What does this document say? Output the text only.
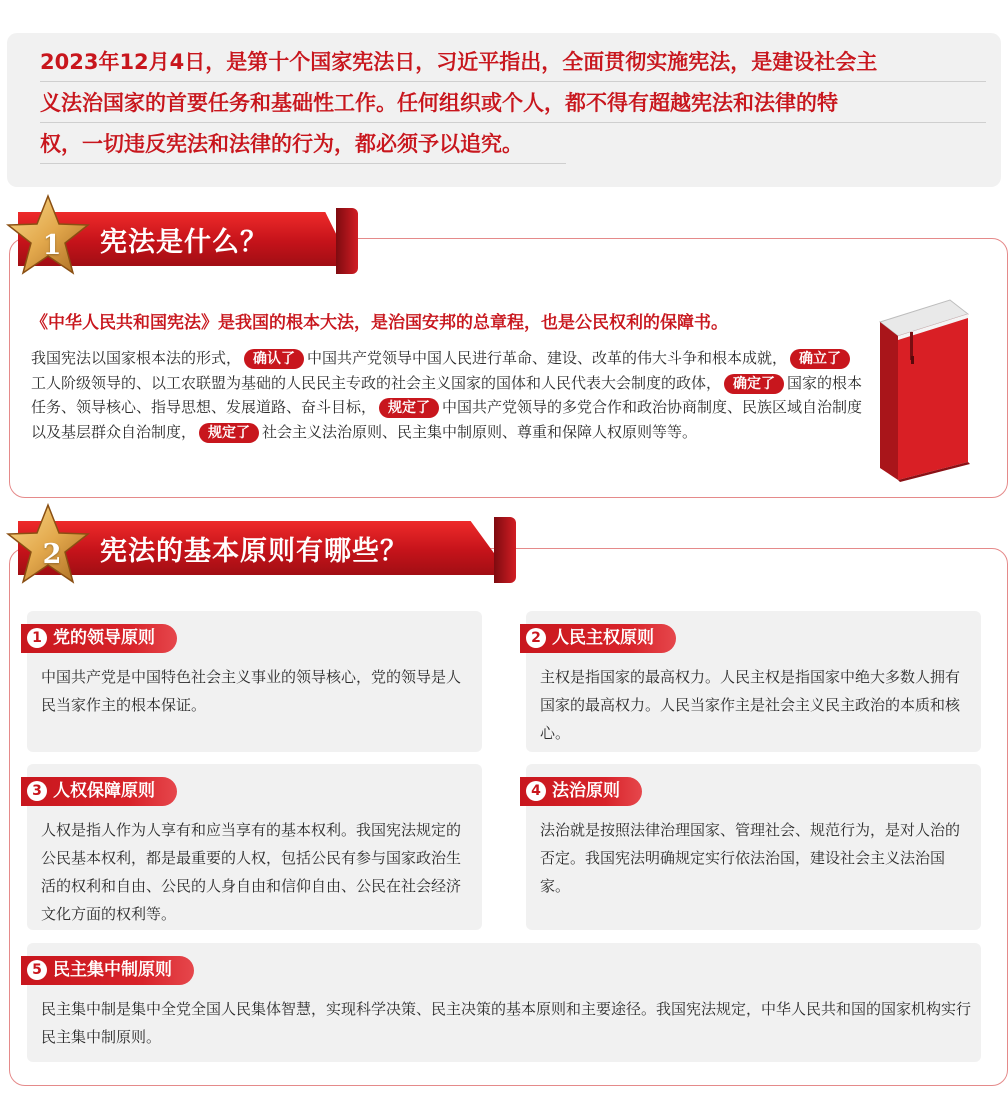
2023年12月4日，是第十个国家宪法日，习近平指出，全面贯彻实施宪法，是建设社会主
义法治国家的首要任务和基础性工作。任何组织或个人，都不得有超越宪法和法律的特
权，一切违反宪法和法律的行为，都必须予以追究。
1 宪法是什么？
《中华人民共和国宪法》是我国的根本大法，是治国安邦的总章程，也是公民权利的保障书。
我国宪法以国家根本法的形式， 确认了 中国共产党领导中国人民进行革命、建设、改革的伟大斗争和根本成就， 确立了工人阶级领导的、以工农联盟为基础的人民民主专政的社会主义国家的国体和人民代表大会制度的政体， 确定了 国家的根本任务、领导核心、指导思想、发展道路、奋斗目标， 规定了 中国共产党领导的多党合作和政治协商制度、民族区域自治制度以及基层群众自治制度， 规定了 社会主义法治原则、民主集中制原则、尊重和保障人权原则等等。
2 宪法的基本原则有哪些？
1 党的领导原则
中国共产党是中国特色社会主义事业的领导核心，党的领导是人民当家作主的根本保证。
2 人民主权原则
主权是指国家的最高权力。人民主权是指国家中绝大多数人拥有国家的最高权力。人民当家作主是社会主义民主政治的本质和核心。
3 人权保障原则
人权是指人作为人享有和应当享有的基本权利。我国宪法规定的公民基本权利，都是最重要的人权，包括公民有参与国家政治生活的权利和自由、公民的人身自由和信仰自由、公民在社会经济文化方面的权利等。
4 法治原则
法治就是按照法律治理国家、管理社会、规范行为，是对人治的否定。我国宪法明确规定实行依法治国，建设社会主义法治国家。
5 民主集中制原则
民主集中制是集中全党全国人民集体智慧，实现科学决策、民主决策的基本原则和主要途径。我国宪法规定，中华人民共和国的国家机构实行民主集中制原则。
